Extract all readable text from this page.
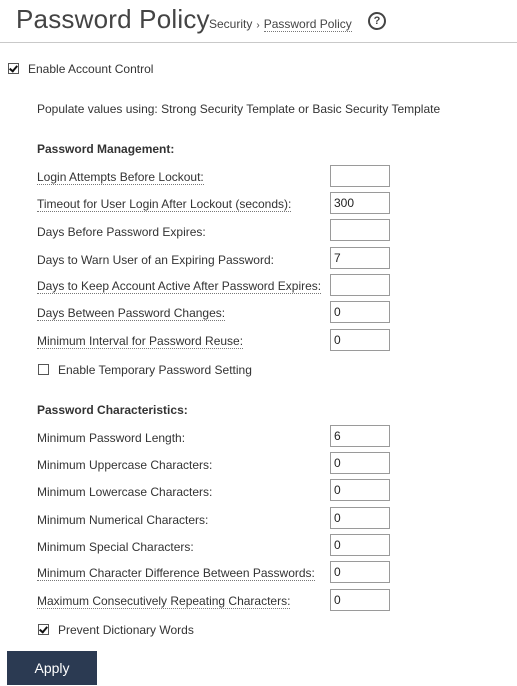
Password Policy Security › Password Policy	?
Enable Account Control
Populate values using: Strong Security Template or Basic Security Template
Password Management:
Login Attempts Before Lockout:
Timeout for User Login After Lockout (seconds):
300
Days Before Password Expires:
Days to Warn User of an Expiring Password:
7
Days to Keep Account Active After Password Expires:
Days Between Password Changes:
0
Minimum Interval for Password Reuse:
0
Enable Temporary Password Setting
Password Characteristics:
Minimum Password Length:
6
Minimum Uppercase Characters:
0
Minimum Lowercase Characters:
0
Minimum Numerical Characters:
0
Minimum Special Characters:
0
Minimum Character Difference Between Passwords:
0
Maximum Consecutively Repeating Characters:
0
Prevent Dictionary Words
Apply
